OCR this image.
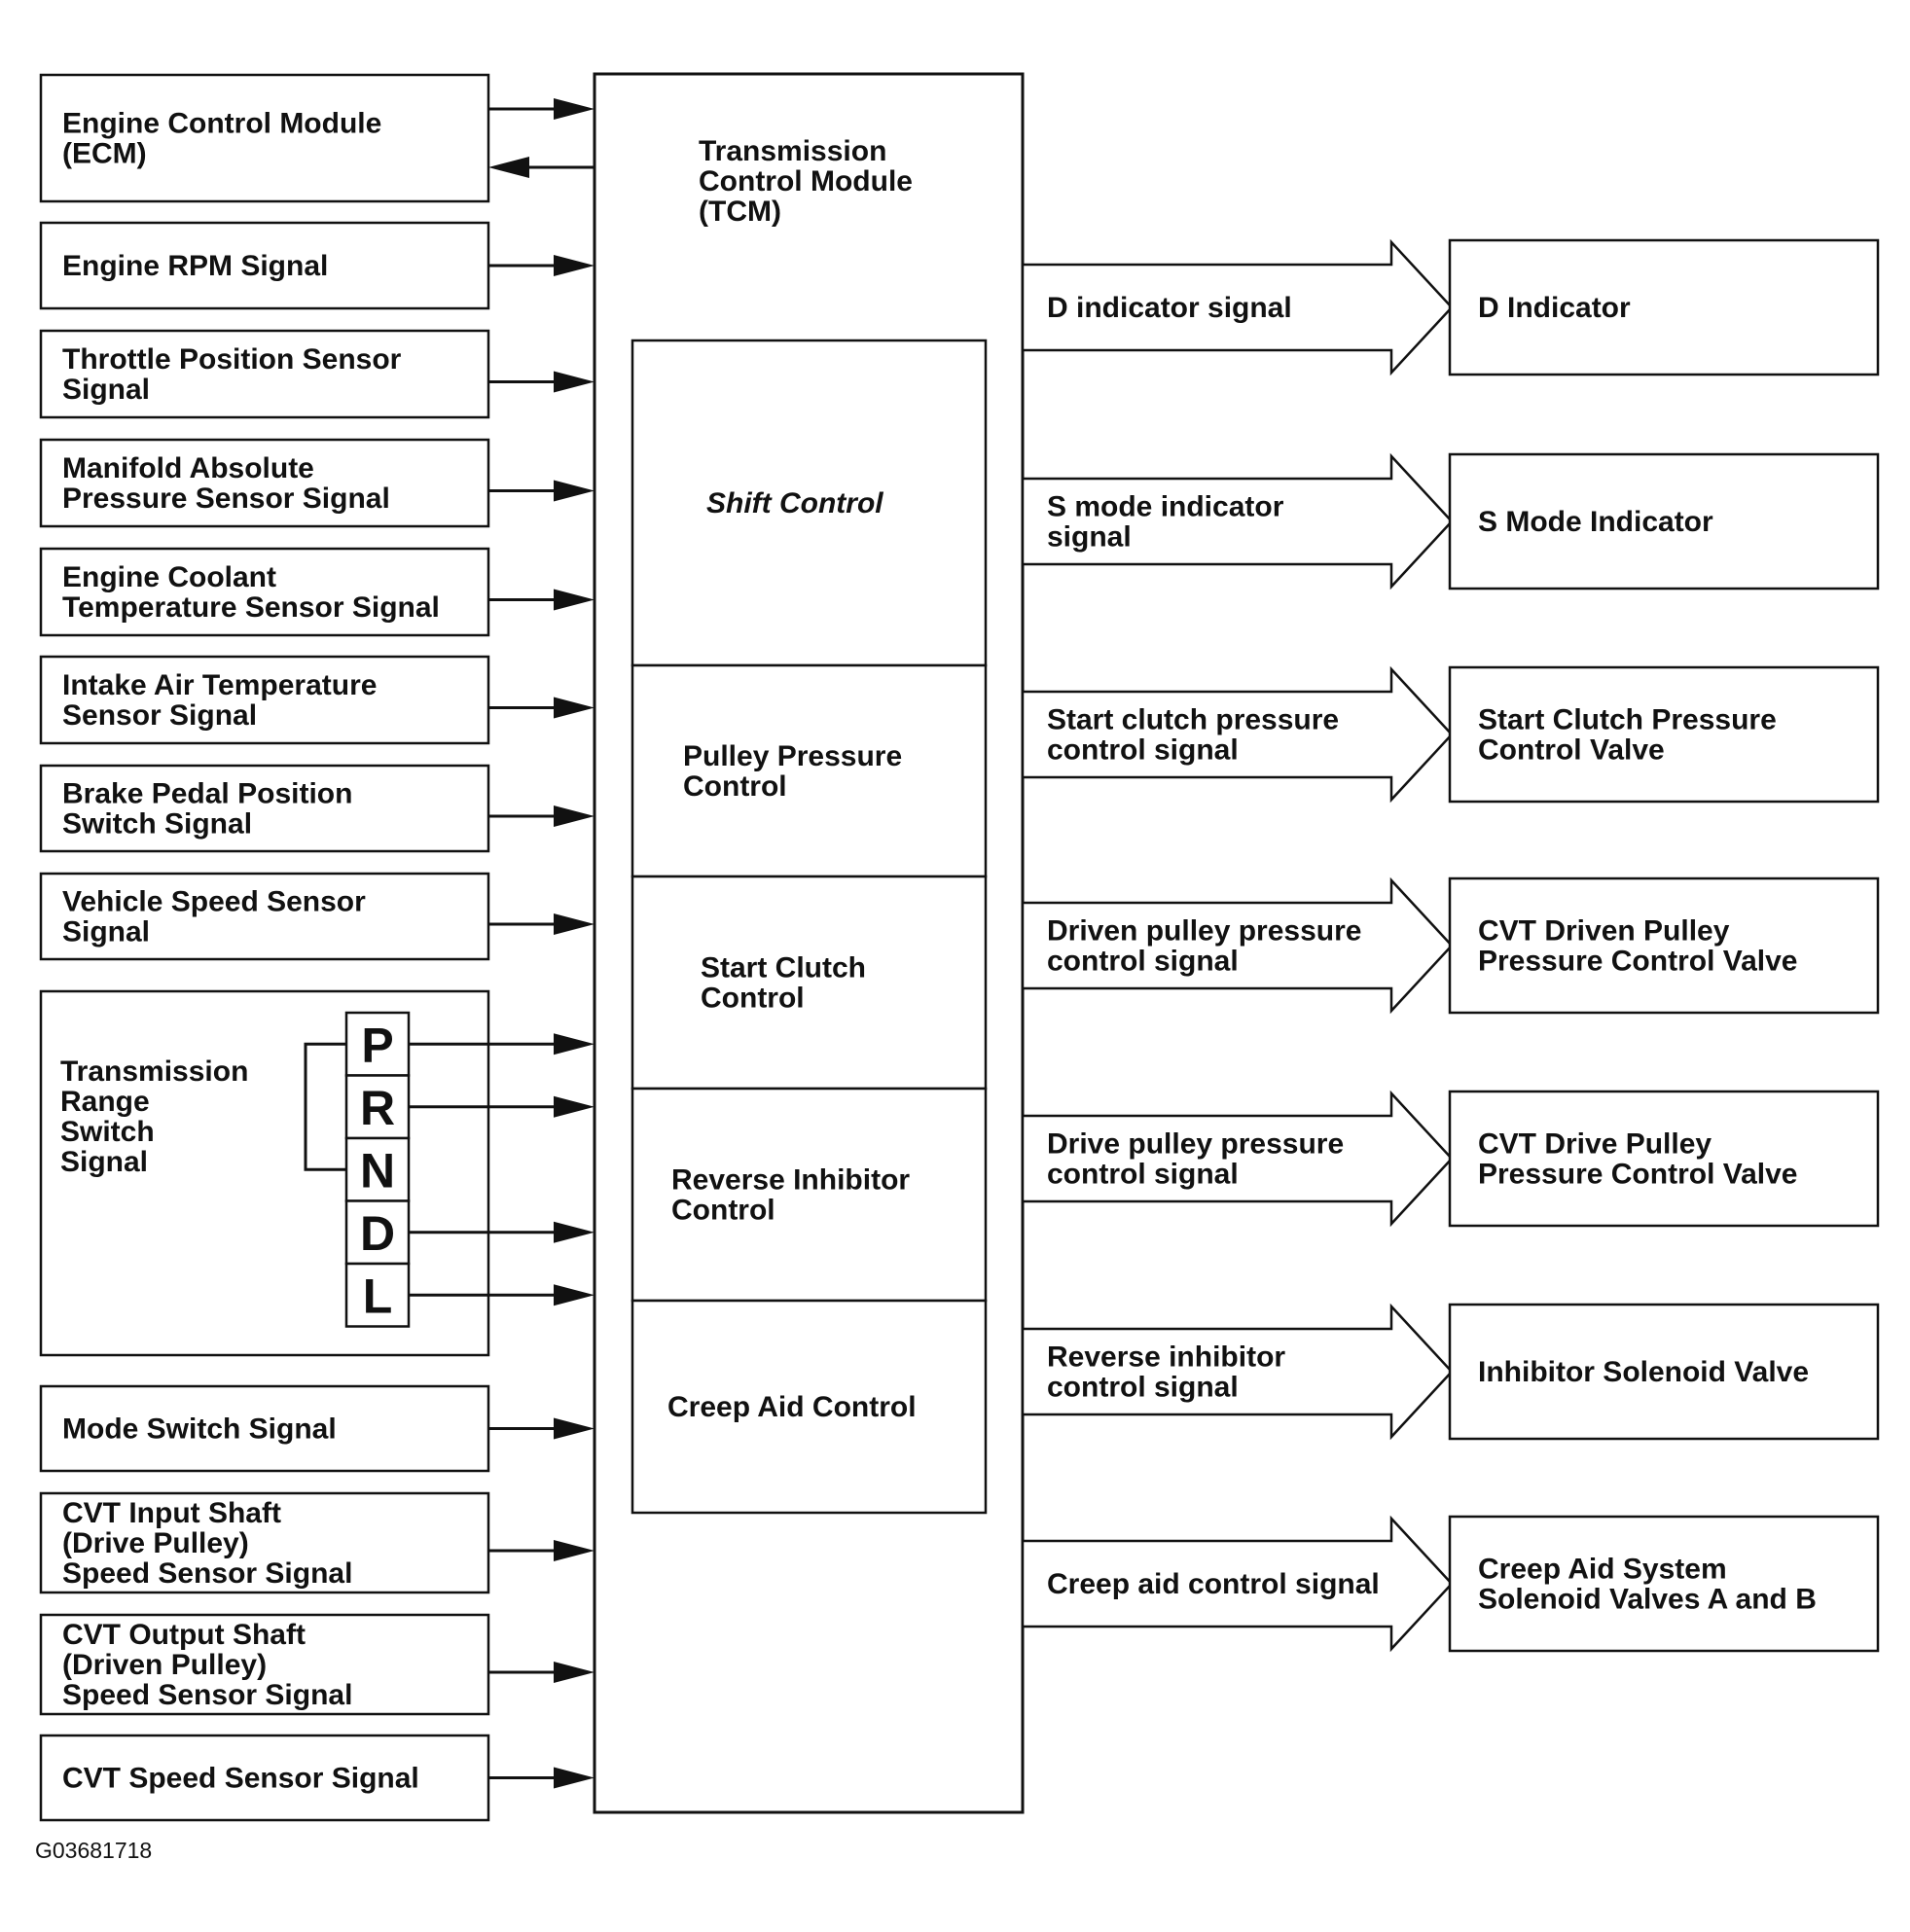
Engine Control Module (ECM)
Engine RPM Signal
Throttle Position Sensor Signal
Manifold Absolute Pressure Sensor Signal
Engine Coolant Temperature Sensor Signal
Intake Air Temperature Sensor Signal
Brake Pedal Position Switch Signal
Vehicle Speed Sensor Signal
Transmission Range Switch Signal
Mode Switch Signal
CVT Input Shaft (Drive Pulley) Speed Sensor Signal
CVT Output Shaft (Driven Pulley) Speed Sensor Signal
CVT Speed Sensor Signal
P
R
N
D
L
Transmission Control Module (TCM)
Shift Control
Pulley Pressure Control
Start Clutch Control
Reverse Inhibitor Control
Creep Aid Control
D indicator signal	D Indicator
S mode indicator signal	S Mode Indicator
Start clutch pressure control signal
Start Clutch Pressure Control Valve
Driven pulley pressure control signal
CVT Driven Pulley Pressure Control Valve
Drive pulley pressure control signal
CVT Drive Pulley Pressure Control Valve
Reverse inhibitor control signal	Inhibitor Solenoid Valve
Creep aid control signal	Creep Aid System Solenoid Valves A and B
G03681718
